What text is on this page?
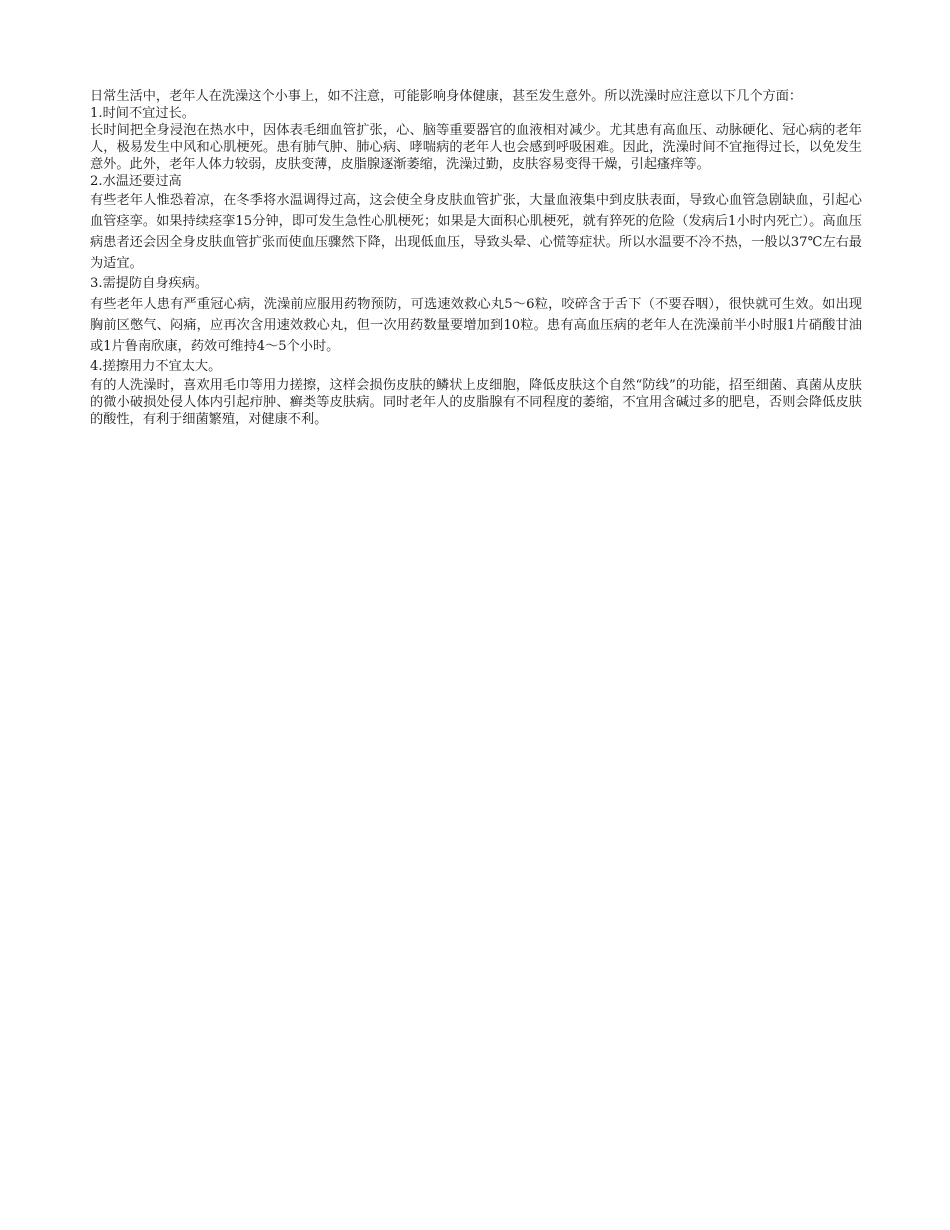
日常生活中，老年人在洗澡这个小事上，如不注意，可能影响身体健康，甚至发生意外。所以洗澡时应注意以下几个方面：

1.时间不宜过长。

长时间把全身浸泡在热水中，因体表毛细血管扩张，心、脑等重要器官的血液相对减少。尤其患有高血压、动脉硬化、冠心病的老年人，极易发生中风和心肌梗死。患有肺气肿、肺心病、哮喘病的老年人也会感到呼吸困难。因此，洗澡时间不宜拖得过长，以免发生意外。此外，老年人体力较弱，皮肤变薄，皮脂腺逐渐萎缩，洗澡过勤，皮肤容易变得干燥，引起瘙痒等。

2.水温还要过高

有些老年人惟恐着凉，在冬季将水温调得过高，这会使全身皮肤血管扩张，大量血液集中到皮肤表面，导致心血管急剧缺血，引起心血管痉挛。如果持续痉挛15分钟，即可发生急性心肌梗死；如果是大面积心肌梗死，就有猝死的危险（发病后1小时内死亡）。高血压病患者还会因全身皮肤血管扩张而使血压骤然下降，出现低血压，导致头晕、心慌等症状。所以水温要不冷不热，一般以37℃左右最为适宜。

3.需提防自身疾病。

有些老年人患有严重冠心病，洗澡前应服用药物预防，可选速效救心丸5～6粒，咬碎含于舌下（不要吞咽），很快就可生效。如出现胸前区憋气、闷痛，应再次含用速效救心丸，但一次用药数量要增加到10粒。患有高血压病的老年人在洗澡前半小时服1片硝酸甘油或1片鲁南欣康，药效可维持4～5个小时。

4.搓擦用力不宜太大。

有的人洗澡时，喜欢用毛巾等用力搓擦，这样会损伤皮肤的鳞状上皮细胞，降低皮肤这个自然“防线”的功能，招至细菌、真菌从皮肤的微小破损处侵人体内引起疖肿、癣类等皮肤病。同时老年人的皮脂腺有不同程度的萎缩，不宜用含碱过多的肥皂，否则会降低皮肤的酸性，有利于细菌繁殖，对健康不利。
